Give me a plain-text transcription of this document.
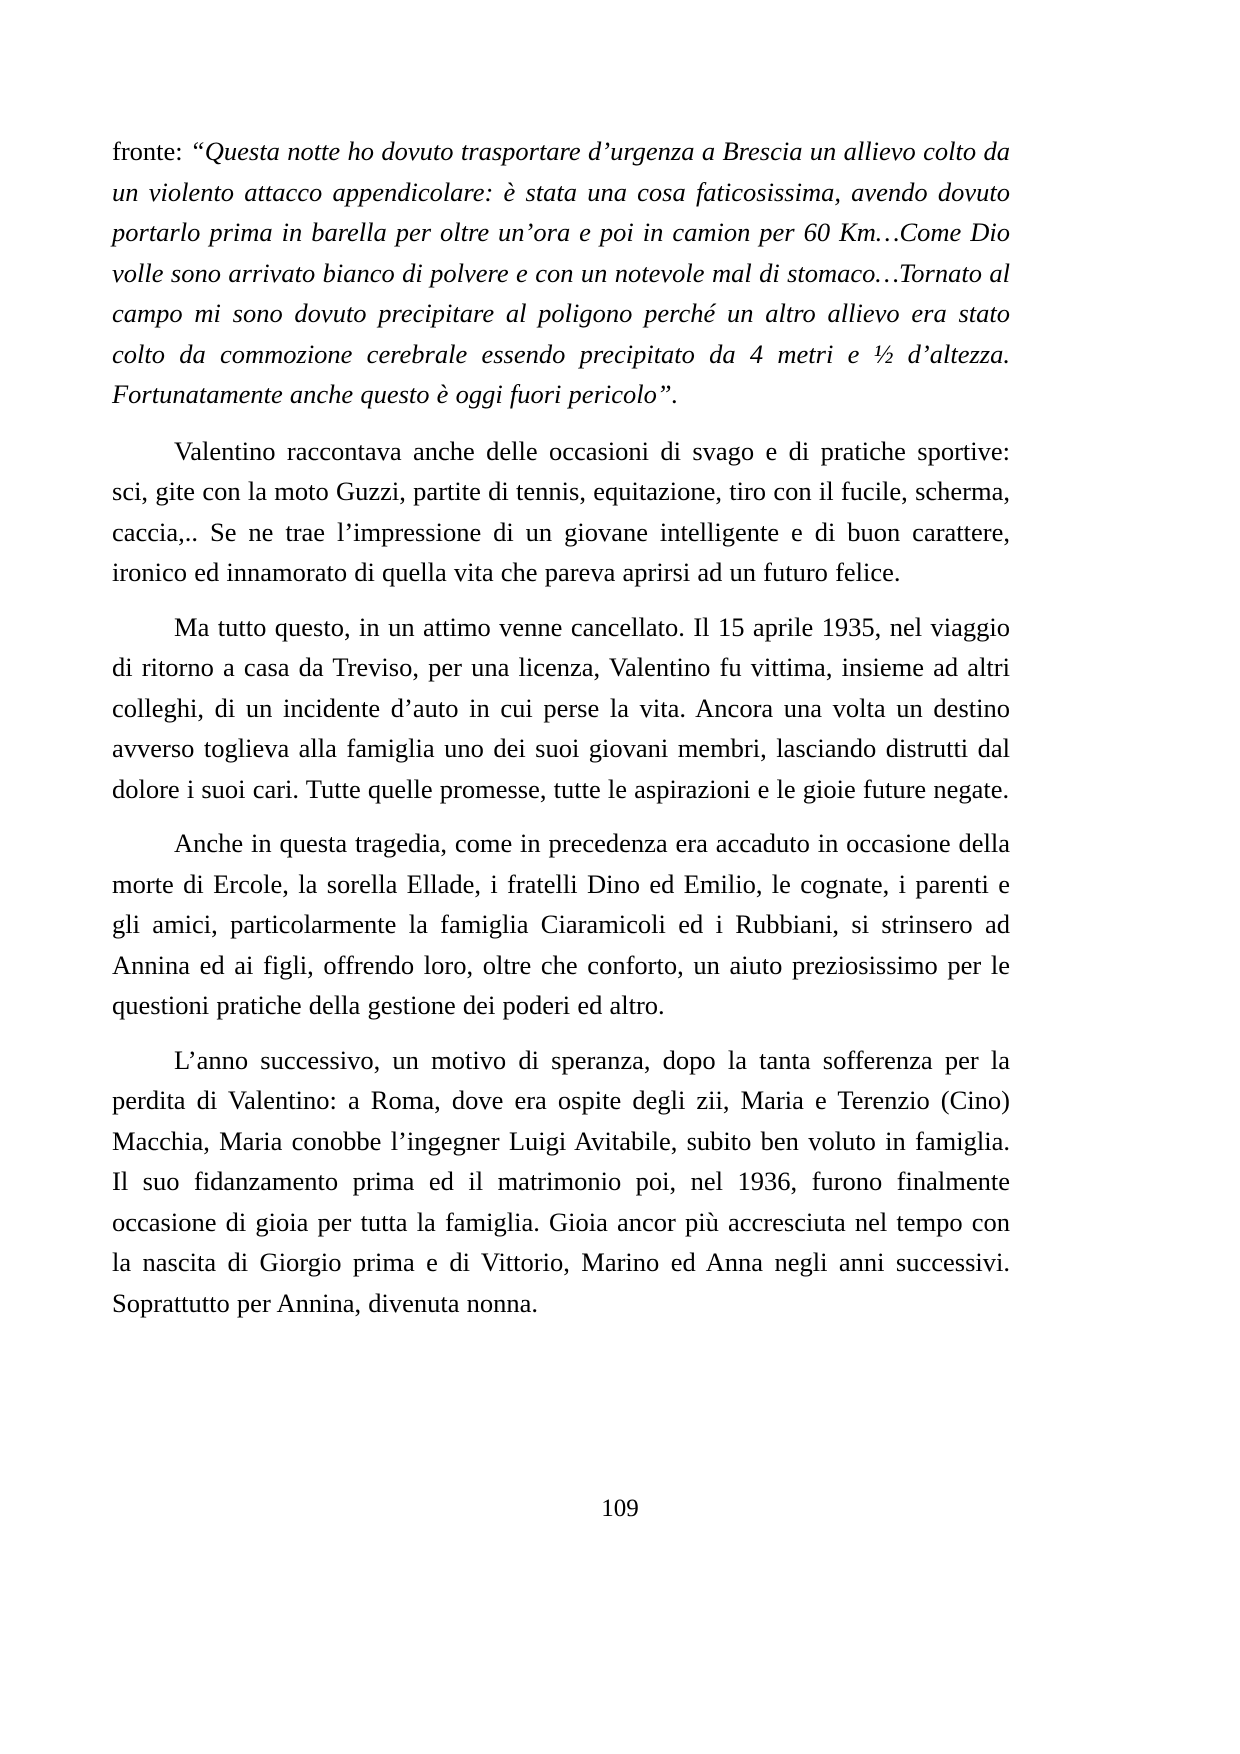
fronte: “Questa notte ho dovuto trasportare d’urgenza a Brescia un allievo colto da un violento attacco appendicolare: è stata una cosa faticosissima, avendo dovuto portarlo prima in barella per oltre un’ora e poi in camion per 60 Km…Come Dio volle sono arrivato bianco di polvere e con un notevole mal di stomaco…Tornato al campo mi sono dovuto precipitare al poligono perché un altro allievo era stato colto da commozione cerebrale essendo precipitato da 4 metri e ½ d’altezza. Fortunatamente anche questo è oggi fuori pericolo”.

Valentino raccontava anche delle occasioni di svago e di pratiche sportive: sci, gite con la moto Guzzi, partite di tennis, equitazione, tiro con il fucile, scherma, caccia,.. Se ne trae l’impressione di un giovane intelligente e di buon carattere, ironico ed innamorato di quella vita che pareva aprirsi ad un futuro felice.

Ma tutto questo, in un attimo venne cancellato. Il 15 aprile 1935, nel viaggio di ritorno a casa da Treviso, per una licenza, Valentino fu vittima, insieme ad altri colleghi, di un incidente d’auto in cui perse la vita. Ancora una volta un destino avverso toglieva alla famiglia uno dei suoi giovani membri, lasciando distrutti dal dolore i suoi cari. Tutte quelle promesse, tutte le aspirazioni e le gioie future negate.

Anche in questa tragedia, come in precedenza era accaduto in occasione della morte di Ercole, la sorella Ellade, i fratelli Dino ed Emilio, le cognate, i parenti e gli amici, particolarmente la famiglia Ciaramicoli ed i Rubbiani, si strinsero ad Annina ed ai figli, offrendo loro, oltre che conforto, un aiuto preziosissimo per le questioni pratiche della gestione dei poderi ed altro.

L’anno successivo, un motivo di speranza, dopo la tanta sofferenza per la perdita di Valentino: a Roma, dove era ospite degli zii, Maria e Terenzio (Cino) Macchia, Maria conobbe l’ingegner Luigi Avitabile, subito ben voluto in famiglia. Il suo fidanzamento prima ed il matrimonio poi, nel 1936, furono finalmente occasione di gioia per tutta la famiglia. Gioia ancor più accresciuta nel tempo con la nascita di Giorgio prima e di Vittorio, Marino ed Anna negli anni successivi. Soprattutto per Annina, divenuta nonna.

109
